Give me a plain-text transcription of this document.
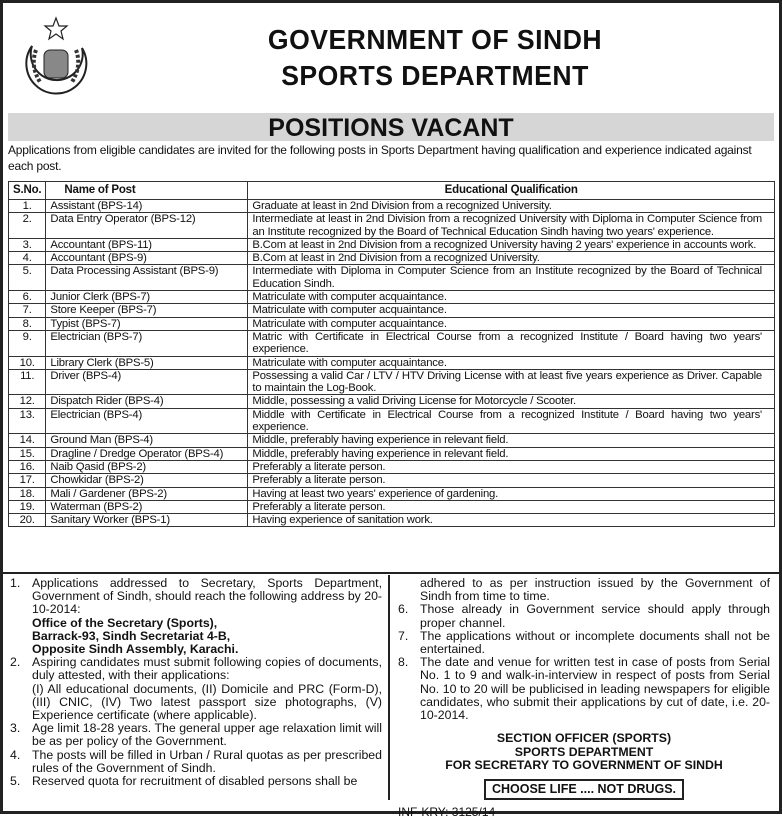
GOVERNMENT OF SINDH
SPORTS DEPARTMENT
POSITIONS VACANT
Applications from eligible candidates are invited for the following posts in Sports Department having qualification and experience indicated against each post.
S.No.	Name of Post	Educational Qualification
1.	Assistant (BPS-14)	Graduate at least in 2nd Division from a recognized University.
2.	Data Entry Operator (BPS-12)	Intermediate at least in 2nd Division from a recognized University with Diploma in Computer Science from an Institute recognized by the Board of Technical Education Sindh having two years' experience.
3.	Accountant (BPS-11)	B.Com at least in 2nd Division from a recognized University having 2 years' experience in accounts work.
4.	Accountant (BPS-9)	B.Com at least in 2nd Division from a recognized University.
5.	Data Processing Assistant (BPS-9)	Intermediate with Diploma in Computer Science from an Institute recognized by the Board of Technical Education Sindh.
6.	Junior Clerk (BPS-7)	Matriculate with computer acquaintance.
7.	Store Keeper (BPS-7)	Matriculate with computer acquaintance.
8.	Typist (BPS-7)	Matriculate with computer acquaintance.
9.	Electrician (BPS-7)	Matric with Certificate in Electrical Course from a recognized Institute / Board having two years' experience.
10.	Library Clerk (BPS-5)	Matriculate with computer acquaintance.
11.	Driver (BPS-4)	Possessing a valid Car / LTV / HTV Driving License with at least five years experience as Driver. Capable to maintain the Log-Book.
12.	Dispatch Rider (BPS-4)	Middle, possessing a valid Driving License for Motorcycle / Scooter.
13.	Electrician (BPS-4)	Middle with Certificate in Electrical Course from a recognized Institute / Board having two years' experience.
14.	Ground Man (BPS-4)	Middle, preferably having experience in relevant field.
15.	Dragline / Dredge Operator (BPS-4)	Middle, preferably having experience in relevant field.
16.	Naib Qasid (BPS-2)	Preferably a literate person.
17.	Chowkidar (BPS-2)	Preferably a literate person.
18.	Mali / Gardener (BPS-2)	Having at least two years' experience of gardening.
19.	Waterman (BPS-2)	Preferably a literate person.
20.	Sanitary Worker (BPS-1)	Having experience of sanitation work.
1. Applications addressed to Secretary, Sports Department, Government of Sindh, should reach the following address by 20-10-2014:
Office of the Secretary (Sports),
Barrack-93, Sindh Secretariat 4-B,
Opposite Sindh Assembly, Karachi.
2. Aspiring candidates must submit following copies of documents, duly attested, with their applications:
(I) All educational documents, (II) Domicile and PRC (Form-D), (III) CNIC, (IV) Two latest passport size photographs, (V) Experience certificate (where applicable).
3. Age limit 18-28 years. The general upper age relaxation limit will be as per policy of the Government.
4. The posts will be filled in Urban / Rural quotas as per prescribed rules of the Government of Sindh.
5. Reserved quota for recruitment of disabled persons shall be
adhered to as per instruction issued by the Government of Sindh from time to time.
6. Those already in Government service should apply through proper channel.
7. The applications without or incomplete documents shall not be entertained.
8. The date and venue for written test in case of posts from Serial No. 1 to 9 and walk-in-interview in respect of posts from Serial No. 10 to 20 will be publicised in leading newspapers for eligible candidates, who submit their applications by cut of date, i.e. 20-10-2014.
SECTION OFFICER (SPORTS)
SPORTS DEPARTMENT
FOR SECRETARY TO GOVERNMENT OF SINDH
CHOOSE LIFE .... NOT DRUGS.
INF-KRY: 3125/14
